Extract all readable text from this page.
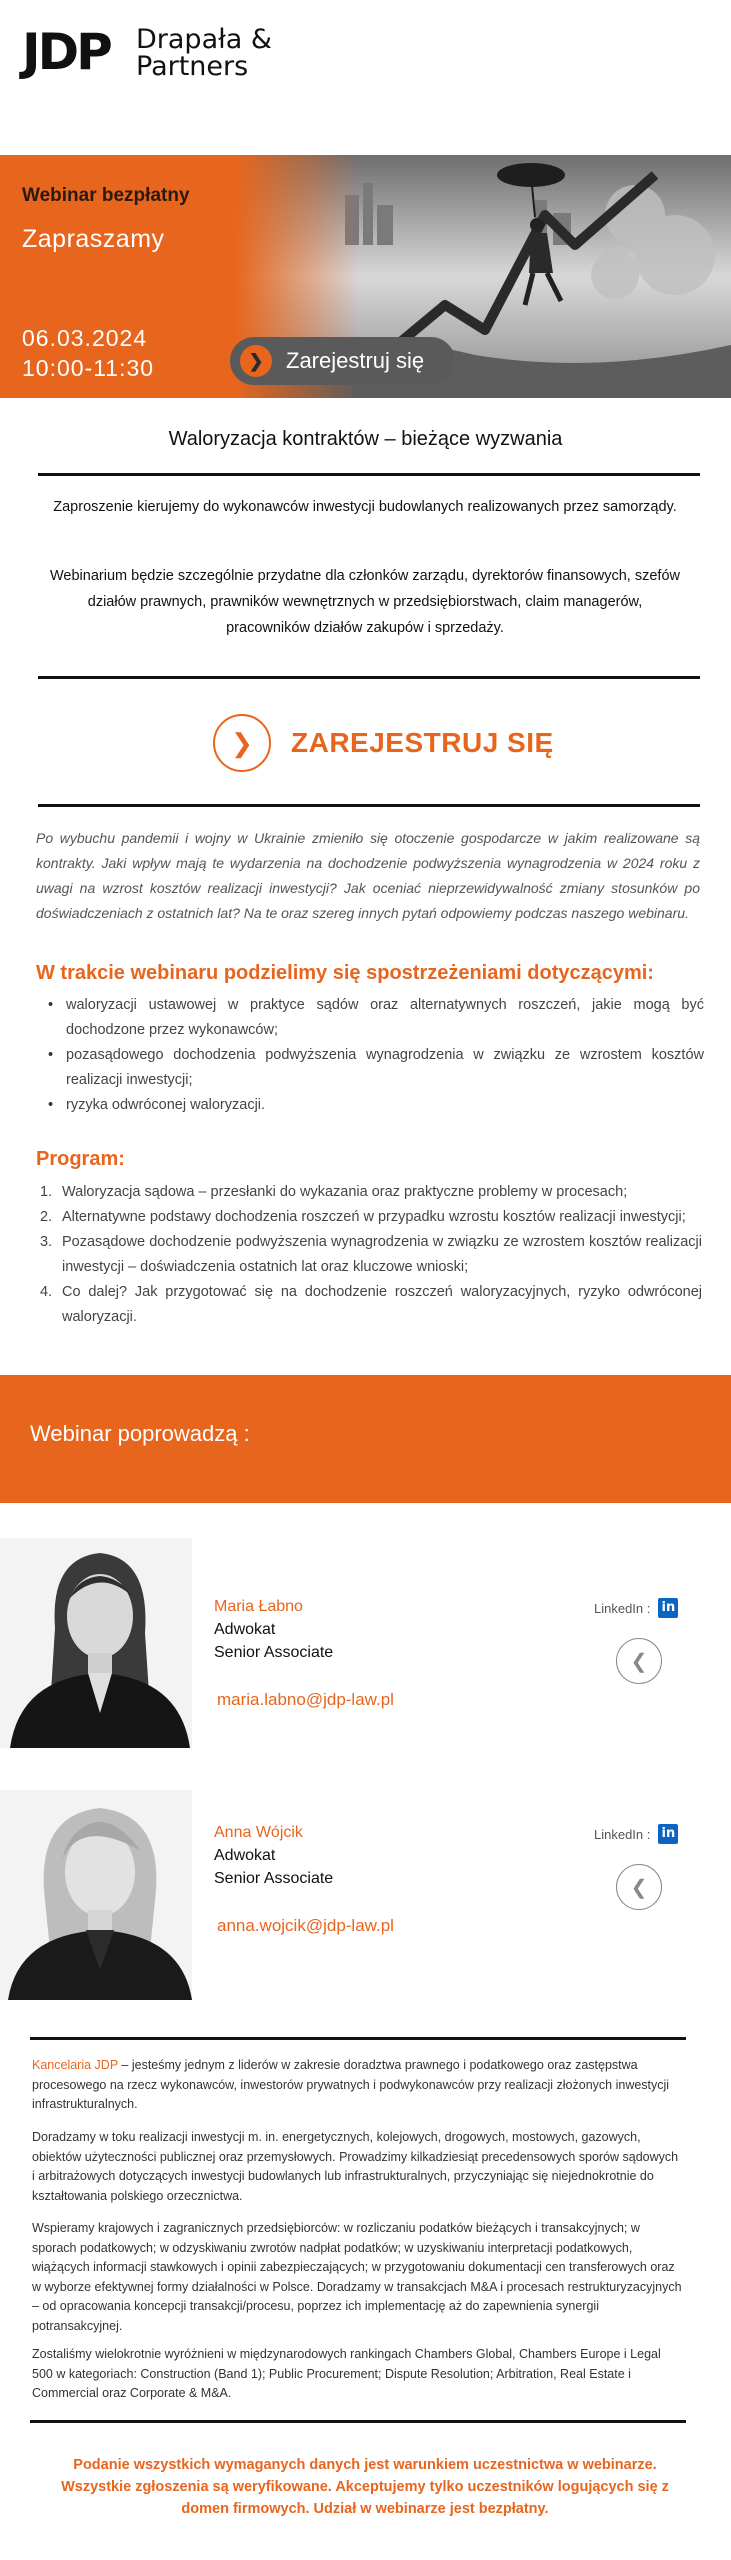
JDP Drapała &
Partners
Webinar bezpłatny
Zapraszamy
06.03.2024
10:00-11:30	❯	Zarejestruj się
Waloryzacja kontraktów – bieżące wyzwania

Zaproszenie kierujemy do wykonawców inwestycji budowlanych realizowanych przez samorządy.

Webinarium będzie szczególnie przydatne dla członków zarządu, dyrektorów finansowych, szefów działów prawnych, prawników wewnętrznych w przedsiębiorstwach, claim managerów, pracowników działów zakupów i sprzedaży.

❯	ZAREJESTRUJ SIĘ

Po wybuchu pandemii i wojny w Ukrainie zmieniło się otoczenie gospodarcze w jakim realizowane są kontrakty. Jaki wpływ mają te wydarzenia na dochodzenie podwyższenia wynagrodzenia w 2024 roku z uwagi na wzrost kosztów realizacji inwestycji? Jak oceniać nieprzewidywalność zmiany stosunków po doświadczeniach z ostatnich lat? Na te oraz szereg innych pytań odpowiemy podczas naszego webinaru.

W trakcie webinaru podzielimy się spostrzeżeniami dotyczącymi:
• waloryzacji ustawowej w praktyce sądów oraz alternatywnych roszczeń, jakie mogą być dochodzone przez wykonawców;
• pozasądowego dochodzenia podwyższenia wynagrodzenia w związku ze wzrostem kosztów realizacji inwestycji;
• ryzyka odwróconej waloryzacji.
Program:
Waloryzacja sądowa – przesłanki do wykazania oraz praktyczne problemy w procesach;
Alternatywne podstawy dochodzenia roszczeń w przypadku wzrostu kosztów realizacji inwestycji;
Pozasądowe dochodzenie podwyższenia wynagrodzenia w związku ze wzrostem kosztów realizacji inwestycji – doświadczenia ostatnich lat oraz kluczowe wnioski;
Co dalej? Jak przygotować się na dochodzenie roszczeń waloryzacyjnych, ryzyko odwróconej waloryzacji.
Webinar poprowadzą :
Maria Łabno
Adwokat
Senior Associate
maria.labno@jdp-law.pl
LinkedIn : in
❮
Anna Wójcik
Adwokat
Senior Associate
anna.wojcik@jdp-law.pl
LinkedIn : in
❮

Kancelaria JDP – jesteśmy jednym z liderów w zakresie doradztwa prawnego i podatkowego oraz zastępstwa procesowego na rzecz wykonawców, inwestorów prywatnych i podwykonawców przy realizacji złożonych inwestycji infrastrukturalnych.

Doradzamy w toku realizacji inwestycji m. in. energetycznych, kolejowych, drogowych, mostowych, gazowych, obiektów użyteczności publicznej oraz przemysłowych. Prowadzimy kilkadziesiąt precedensowych sporów sądowych i arbitrażowych dotyczących inwestycji budowlanych lub infrastrukturalnych, przyczyniając się niejednokrotnie do kształtowania polskiego orzecznictwa.

Wspieramy krajowych i zagranicznych przedsiębiorców: w rozliczaniu podatków bieżących i transakcyjnych; w sporach podatkowych; w odzyskiwaniu zwrotów nadpłat podatków; w uzyskiwaniu interpretacji podatkowych, wiążących informacji stawkowych i opinii zabezpieczających; w przygotowaniu dokumentacji cen transferowych oraz w wyborze efektywnej formy działalności w Polsce. Doradzamy w transakcjach M&A i procesach restrukturyzacyjnych – od opracowania koncepcji transakcji/procesu, poprzez ich implementację aż do zapewnienia synergii potransakcyjnej.

Zostaliśmy wielokrotnie wyróżnieni w międzynarodowych rankingach Chambers Global, Chambers Europe i Legal 500 w kategoriach: Construction (Band 1); Public Procurement; Dispute Resolution; Arbitration, Real Estate i Commercial oraz Corporate & M&A.

Podanie wszystkich wymaganych danych jest warunkiem uczestnictwa w webinarze. Wszystkie zgłoszenia są weryfikowane. Akceptujemy tylko uczestników logujących się z domen firmowych. Udział w webinarze jest bezpłatny.
